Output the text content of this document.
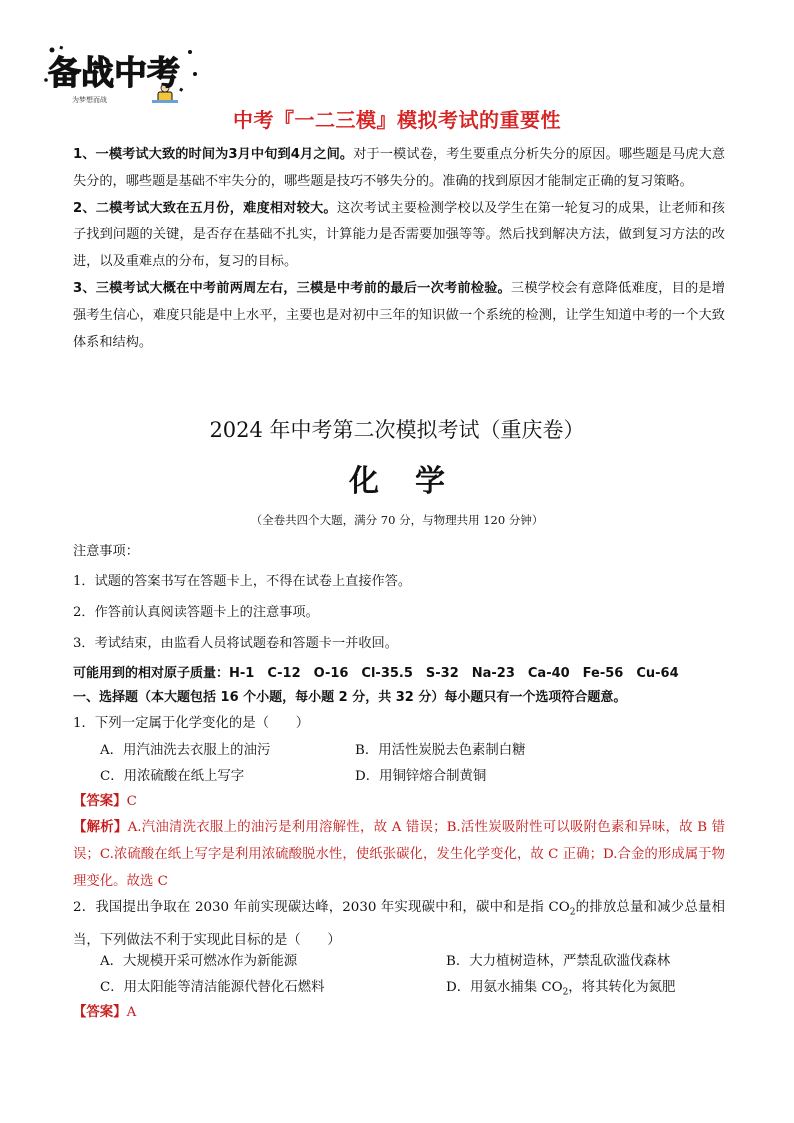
备战中考
为梦想而战
中考『一二三模』模拟考试的重要性

1、一模考试大致的时间为3月中旬到4月之间。对于一模试卷，考生要重点分析失分的原因。哪些题是马虎大意失分的，哪些题是基础不牢失分的，哪些题是技巧不够失分的。准确的找到原因才能制定正确的复习策略。

2、二模考试大致在五月份，难度相对较大。这次考试主要检测学校以及学生在第一轮复习的成果，让老师和孩子找到问题的关键，是否存在基础不扎实，计算能力是否需要加强等等。然后找到解决方法，做到复习方法的改进，以及重难点的分布，复习的目标。

3、三模考试大概在中考前两周左右，三模是中考前的最后一次考前检验。三模学校会有意降低难度，目的是增强考生信心，难度只能是中上水平，主要也是对初中三年的知识做一个系统的检测，让学生知道中考的一个大致体系和结构。

2024 年中考第二次模拟考试（重庆卷）
化学
（全卷共四个大题，满分 70 分，与物理共用 120 分钟）
注意事项：
1．试题的答案书写在答题卡上，不得在试卷上直接作答。
2．作答前认真阅读答题卡上的注意事项。
3．考试结束，由监看人员将试题卷和答题卡一并收回。
可能用到的相对原子质量：H-1　C-12　O-16　Cl-35.5　S-32　Na-23　Ca-40　Fe-56　Cu-64
一、选择题（本大题包括 16 个小题，每小题 2 分，共 32 分）每小题只有一个选项符合题意。
1．下列一定属于化学变化的是（　　）
A．用汽油洗去衣服上的油污	B．用活性炭脱去色素制白糖
C．用浓硫酸在纸上写字	D．用铜锌熔合制黄铜
【答案】C
【解析】A.汽油清洗衣服上的油污是利用溶解性，故 A 错误；B.活性炭吸附性可以吸附色素和异味，故 B 错误；C.浓硫酸在纸上写字是利用浓硫酸脱水性，使纸张碳化，发生化学变化，故 C 正确；D.合金的形成属于物理变化。故选 C
2．我国提出争取在 2030 年前实现碳达峰，2030 年实现碳中和，碳中和是指 $CO_2$的排放总量和减少总量相当，下列做法不利于实现此目标的是（　　）
A．大规模开采可燃冰作为新能源	B．大力植树造林，严禁乱砍滥伐森林
C．用太阳能等清洁能源代替化石燃料	D．用氨水捕集 $CO_2$，将其转化为氮肥
【答案】A
